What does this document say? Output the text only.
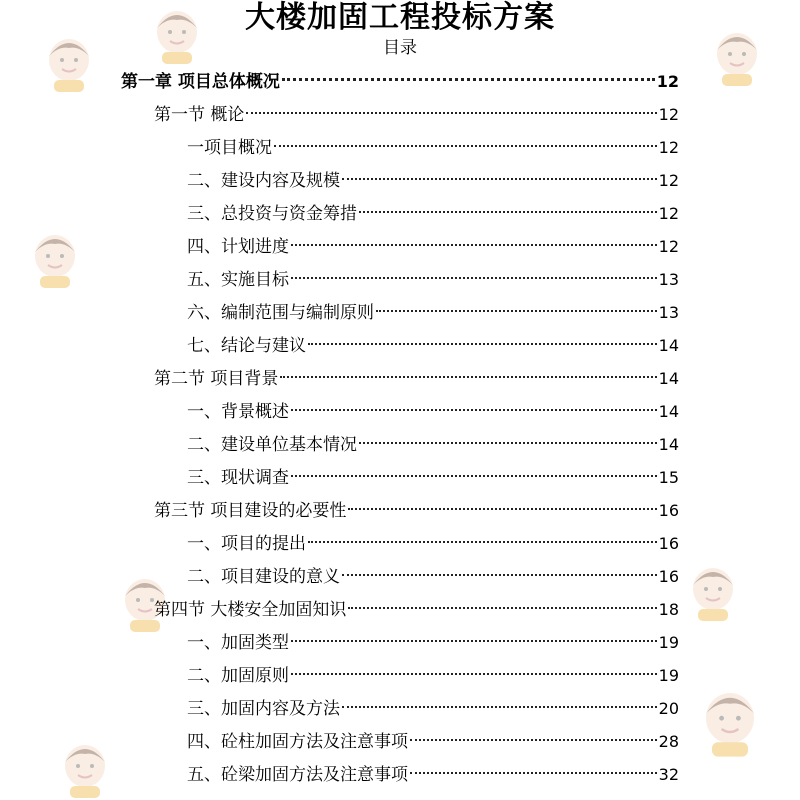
大楼加固工程投标方案
目录
第一章 项目总体概况	12
第一节 概论	12
一项目概况	12
二、建设内容及规模	12
三、总投资与资金筹措	12
四、计划进度	12
五、实施目标	13
六、编制范围与编制原则	13
七、结论与建议	14
第二节 项目背景	14
一、背景概述	14
二、建设单位基本情况	14
三、现状调查	15
第三节 项目建设的必要性	16
一、项目的提出	16
二、项目建设的意义	16
第四节 大楼安全加固知识	18
一、加固类型	19
二、加固原则	19
三、加固内容及方法	20
四、砼柱加固方法及注意事项	28
五、砼梁加固方法及注意事项	32
